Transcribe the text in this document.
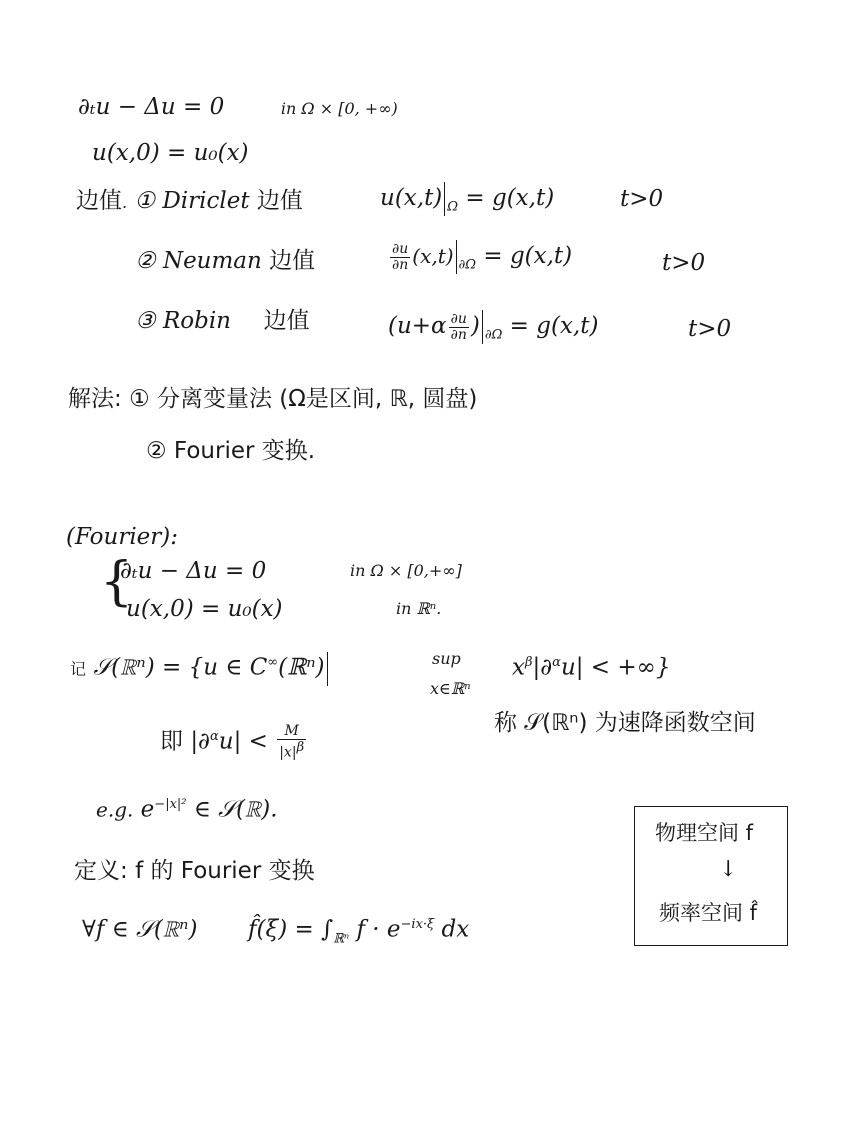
∂ₜu − Δu = 0	in Ω × [0, +∞)
u(x,0) = u₀(x)
边值. ① Diriclet 边值	u(x,t) $_\Omega$ = g(x,t)	t>0
② Neuman 边值	$\frac{\partial u}{\partial n} (x,t) _{\partial\Omega} = g(x,t)$	t>0
③ Robin 边值	($u+\alpha \frac{\partial u}{\partial n}$ ) $_{\partial\Omega}$ = g(x,t)	t>0
解法: ① 分离变量法 (Ω是区间, ℝ, 圆盘)
② Fourier 变换.
(Fourier):
{
∂ₜu − Δu = 0	in Ω × [0,+∞]
u(x,0) = u₀(x)	in ℝⁿ.
记 𝒮(ℝⁿ) = {u ∈ C∞(ℝⁿ)	sup
x∈ℝⁿ
$x^\beta|\partial^\alpha u|$ < +∞}
即 $|\partial^\alpha u| < \frac{M}{|x|\beta}$
称 𝒮(ℝⁿ) 为速降函数空间
e.g. $e^{-|x|^2}$ ∈ 𝒮(ℝ).
定义: f 的 Fourier 变换
∀f ∈ 𝒮(ℝⁿ) f̂(ξ) = $\int_{ℝ^n}$ $f \cdot e^{-ix\cdot\xi}$ dx
物理空间 f
↓
频率空间 f̂
